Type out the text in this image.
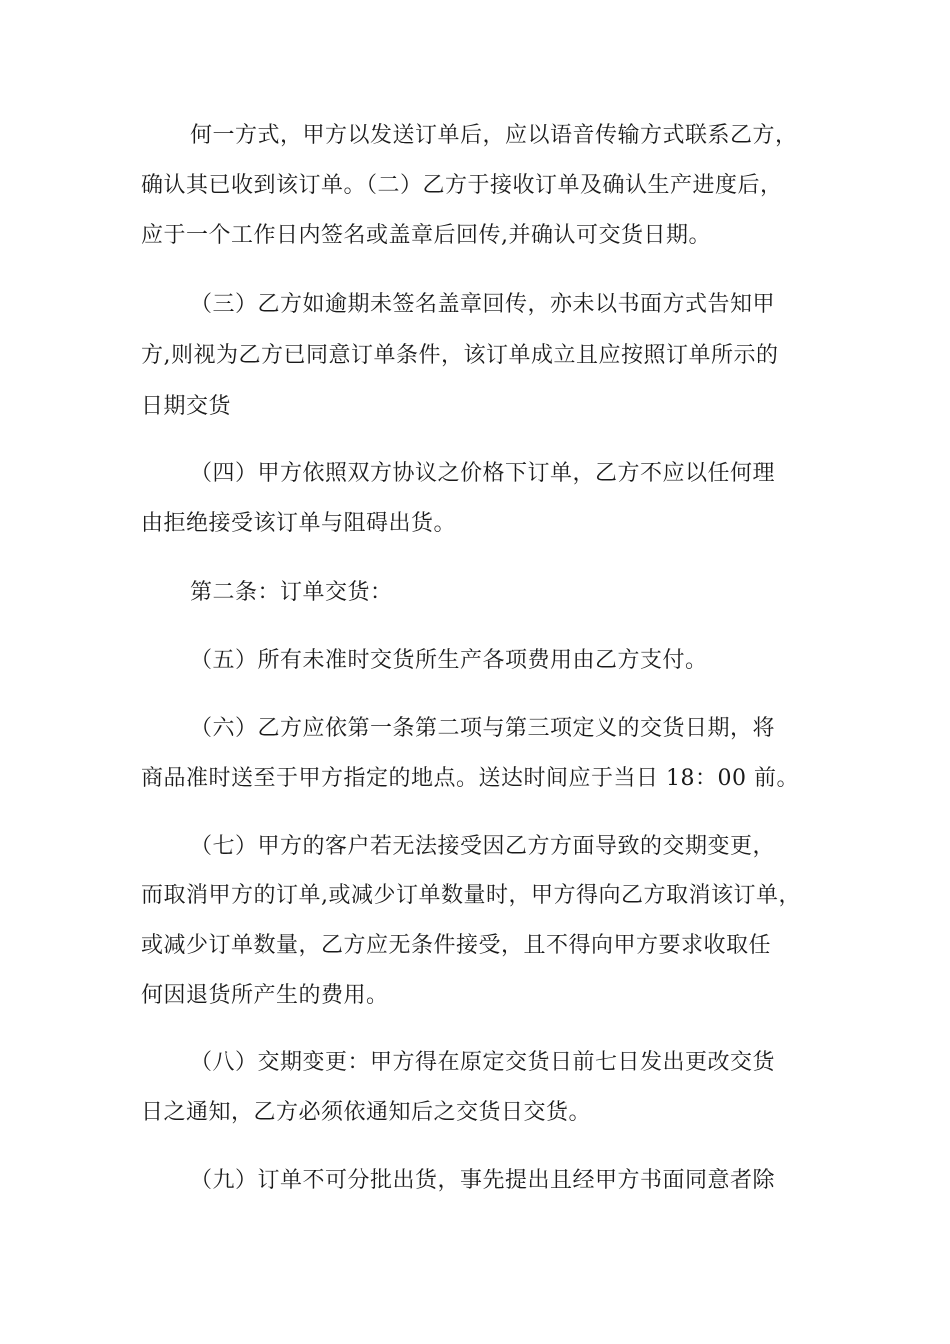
何一方式，甲方以发送订单后，应以语音传输方式联系乙方，
确认其已收到该订单。（二）乙方于接收订单及确认生产进度后，
应于一个工作日内签名或盖章后回传,并确认可交货日期。
（三）乙方如逾期未签名盖章回传，亦未以书面方式告知甲
方,则视为乙方已同意订单条件，该订单成立且应按照订单所示的
日期交货
（四）甲方依照双方协议之价格下订单，乙方不应以任何理
由拒绝接受该订单与阻碍出货。
第二条：订单交货：
（五）所有未准时交货所生产各项费用由乙方支付。
（六）乙方应依第一条第二项与第三项定义的交货日期，将
商品准时送至于甲方指定的地点。送达时间应于当日 18：00 前。
（七）甲方的客户若无法接受因乙方方面导致的交期变更，
而取消甲方的订单,或减少订单数量时，甲方得向乙方取消该订单，
或减少订单数量，乙方应无条件接受，且不得向甲方要求收取任
何因退货所产生的费用。
（八）交期变更：甲方得在原定交货日前七日发出更改交货
日之通知，乙方必须依通知后之交货日交货。
（九）订单不可分批出货，事先提出且经甲方书面同意者除
